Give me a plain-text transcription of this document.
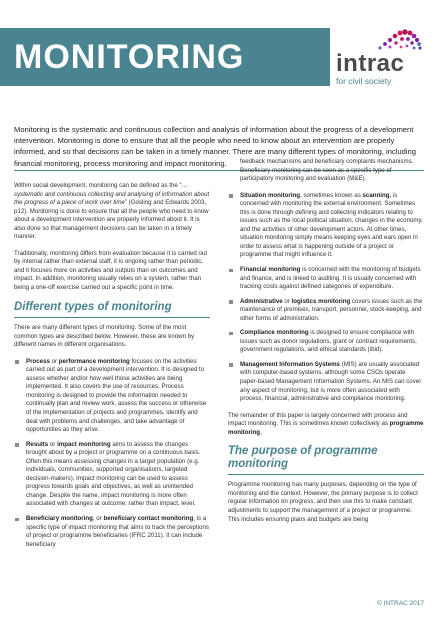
MONITORING	intrac
for civil society

Monitoring is the systematic and continuous collection and analysis of information about the progress of a development intervention. Monitoring is done to ensure that all the people who need to know about an intervention are properly informed, and so that decisions can be taken in a timely manner. There are many different types of monitoring, including financial monitoring, process monitoring and impact monitoring.

Within social development, monitoring can be defined as the “… systematic and continuous collecting and analysing of information about the progress of a piece of work over time” (Gosling and Edwards 2003, p12). Monitoring is done to ensure that all the people who need to know about a development intervention are properly informed about it. It is also done so that management decisions can be taken in a timely manner.

Traditionally, monitoring differs from evaluation because it is carried out by internal rather than external staff, it is ongoing rather than periodic, and it focuses more on activities and outputs than on outcomes and impact. In addition, monitoring usually relies on a system, rather than being a one-off exercise carried out a specific point in time.

Different types of monitoring

There are many different types of monitoring. Some of the most common types are described below. However, these are known by different names in different organisations.

Process or performance monitoring focuses on the activities carried out as part of a development intervention. It is designed to assess whether and/or how well those activities are being implemented. It also covers the use of resources. Process monitoring is designed to provide the information needed to continually plan and review work, assess the success or otherwise of the implementation of projects and programmes, identify and deal with problems and challenges, and take advantage of opportunities as they arise.
Results or impact monitoring aims to assess the changes brought about by a project or programme on a continuous basis. Often this means assessing changes in a target population (e.g. individuals, communities, supported organisations, targeted decision-makers). Impact monitoring can be used to assess progress towards goals and objectives, as well as unintended change. Despite the name, impact monitoring is more often associated with changes at outcome, rather than impact, level.
Beneficiary monitoring, or beneficiary contact monitoring, is a specific type of impact monitoring that aims to track the perceptions of project or programme beneficiaries (IFRC 2011). It can include beneficiary

feedback mechanisms and beneficiary complaints mechanisms. Beneficiary monitoring can be seen as a specific type of participatory monitoring and evaluation (M&E).

Situation monitoring, sometimes known as scanning, is concerned with monitoring the external environment. Sometimes this is done through defining and collecting indicators relating to issues such as the local political situation, changes in the economy, and the activities of other development actors. At other times, situation monitoring simply means keeping eyes and ears open in order to assess what is happening outside of a project or programme that might influence it.
Financial monitoring is concerned with the monitoring of budgets and finance, and is linked to auditing. It is usually concerned with tracking costs against defined categories of expenditure.
Administrative or logistics monitoring covers issues such as the maintenance of premises, transport, personnel, stock-keeping, and other forms of administration.
Compliance monitoring is designed to ensure compliance with issues such as donor regulations, grant or contract requirements, government regulations, and ethical standards (ibid).
Management Information Systems (MIS) are usually associated with computer-based systems, although some CSOs operate paper-based Management Information Systems. An MIS can cover any aspect of monitoring, but is more often associated with process, financial, administrative and compliance monitoring.

The remainder of this paper is largely concerned with process and impact monitoring. This is sometimes known collectively as programme monitoring.

The purpose of programme monitoring

Programme monitoring has many purposes, depending on the type of monitoring and the context. However, the primary purpose is to collect regular information on progress, and then use this to make constant adjustments to support the management of a project or programme. This includes ensuring plans and budgets are being

© INTRAC 2017
